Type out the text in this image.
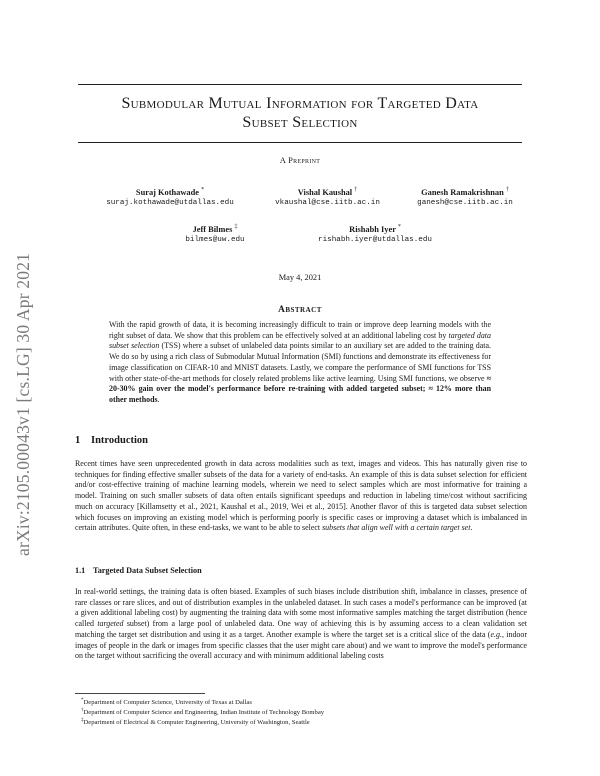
arXiv:2105.00043v1 [cs.LG] 30 Apr 2021
Submodular Mutual Information for Targeted Data
Subset Selection
A Preprint
Suraj Kothawade *
suraj.kothawade@utdallas.edu
Vishal Kaushal †
vkaushal@cse.iitb.ac.in
Ganesh Ramakrishnan †
ganesh@cse.iitb.ac.in
Jeff Bilmes ‡
bilmes@uw.edu
Rishabh Iyer *
rishabh.iyer@utdallas.edu
May 4, 2021
Abstract

With the rapid growth of data, it is becoming increasingly difficult to train or improve deep learning models with the right subset of data. We show that this problem can be effectively solved at an additional labeling cost by targeted data subset selection (TSS) where a subset of unlabeled data points similar to an auxiliary set are added to the training data. We do so by using a rich class of Submodular Mutual Information (SMI) functions and demonstrate its effectiveness for image classification on CIFAR-10 and MNIST datasets. Lastly, we compare the performance of SMI functions for TSS with other state-of-the-art methods for closely related problems like active learning. Using SMI functions, we observe ≈ 20-30% gain over the model's performance before re-training with added targeted subset; ≈ 12% more than other methods.

1 Introduction

Recent times have seen unprecedented growth in data across modalities such as text, images and videos. This has naturally given rise to techniques for finding effective smaller subsets of the data for a variety of end-tasks. An example of this is data subset selection for efficient and/or cost-effective training of machine learning models, wherein we need to select samples which are most informative for training a model. Training on such smaller subsets of data often entails significant speedups and reduction in labeling time/cost without sacrificing much on accuracy [Killamsetty et al., 2021, Kaushal et al., 2019, Wei et al., 2015]. Another flavor of this is targeted data subset selection which focuses on improving an existing model which is performing poorly is specific cases or improving a dataset which is imbalanced in certain attributes. Quite often, in these end-tasks, we want to be able to select subsets that align well with a certain target set.

1.1 Targeted Data Subset Selection

In real-world settings, the training data is often biased. Examples of such biases include distribution shift, imbalance in classes, presence of rare classes or rare slices, and out of distribution examples in the unlabeled dataset. In such cases a model's performance can be improved (at a given additional labeling cost) by augmenting the training data with some most informative samples matching the target distribution (hence called targeted subset) from a large pool of unlabeled data. One way of achieving this is by assuming access to a clean validation set matching the target set distribution and using it as a target. Another example is where the target set is a critical slice of the data (e.g., indoor images of people in the dark or images from specific classes that the user might care about) and we want to improve the model's performance on the target without sacrificing the overall accuracy and with minimum additional labeling costs

*Department of Computer Science, University of Texas at Dallas
†Department of Computer Science and Engineering, Indian Institute of Technology Bombay
‡Department of Electrical & Computer Engineering, University of Washington, Seattle
